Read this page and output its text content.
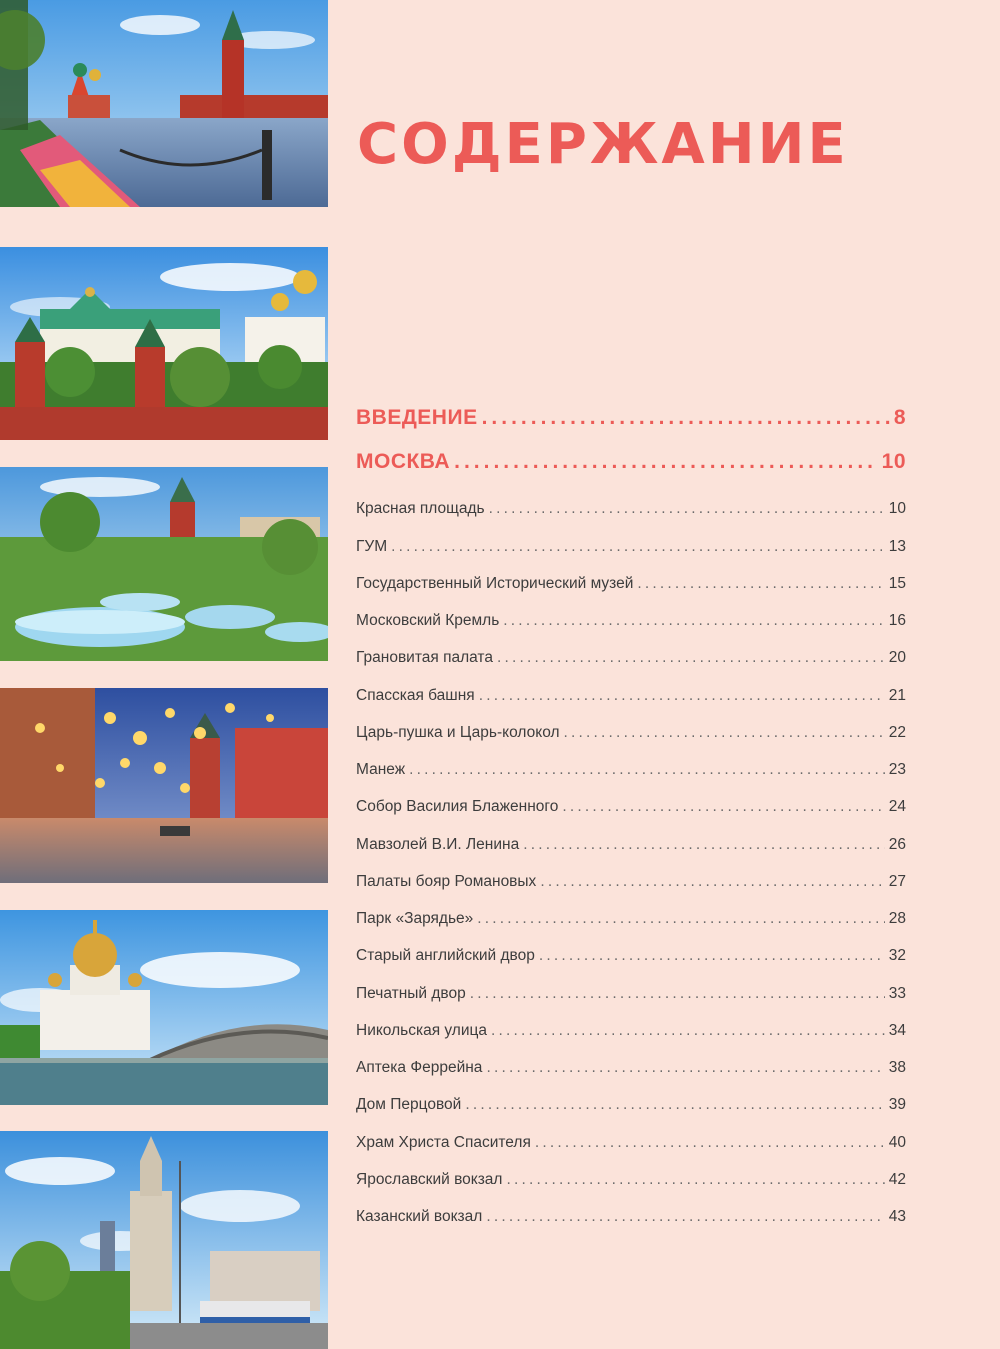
СОДЕРЖАНИЕ
ВВЕДЕНИЕ .....	8
МОСКВА .....	10
Красная площадь .....	10
ГУМ .....	13
Государственный Исторический музей .....	15
Московский Кремль .....	16
Грановитая палата .....	20
Спасская башня .....	21
Царь-пушка и Царь-колокол .....	22
Манеж .....	23
Собор Василия Блаженного .....	24
Мавзолей В.И. Ленина .....	26
Палаты бояр Романовых .....	27
Парк «Зарядье» .....	28
Старый английский двор .....	32
Печатный двор .....	33
Никольская улица .....	34
Аптека Феррейна .....	38
Дом Перцовой .....	39
Храм Христа Спасителя .....	40
Ярославский вокзал .....	42
Казанский вокзал .....	43
